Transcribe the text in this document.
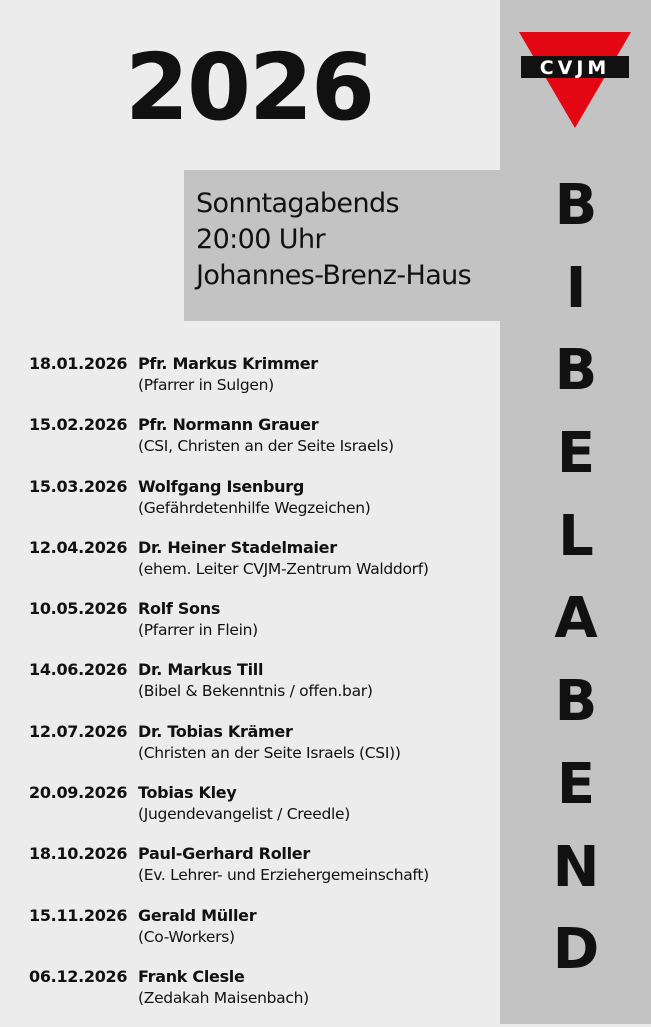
2026
Sonntagabends
20:00 Uhr
Johannes-Brenz-Haus
CVJM
B
I
B
E
L
A
B
E
N
D
18.01.2026 Pfr. Markus Krimmer
(Pfarrer in Sulgen)
15.02.2026 Pfr. Normann Grauer
(CSI, Christen an der Seite Israels)
15.03.2026 Wolfgang Isenburg
(Gefährdetenhilfe Wegzeichen)
12.04.2026 Dr. Heiner Stadelmaier
(ehem. Leiter CVJM-Zentrum Walddorf)
10.05.2026 Rolf Sons
(Pfarrer in Flein)
14.06.2026 Dr. Markus Till
(Bibel & Bekenntnis / offen.bar)
12.07.2026 Dr. Tobias Krämer
(Christen an der Seite Israels (CSI))
20.09.2026 Tobias Kley
(Jugendevangelist / Creedle)
18.10.2026 Paul-Gerhard Roller
(Ev. Lehrer- und Erziehergemeinschaft)
15.11.2026 Gerald Müller
(Co-Workers)
06.12.2026 Frank Clesle
(Zedakah Maisenbach)
